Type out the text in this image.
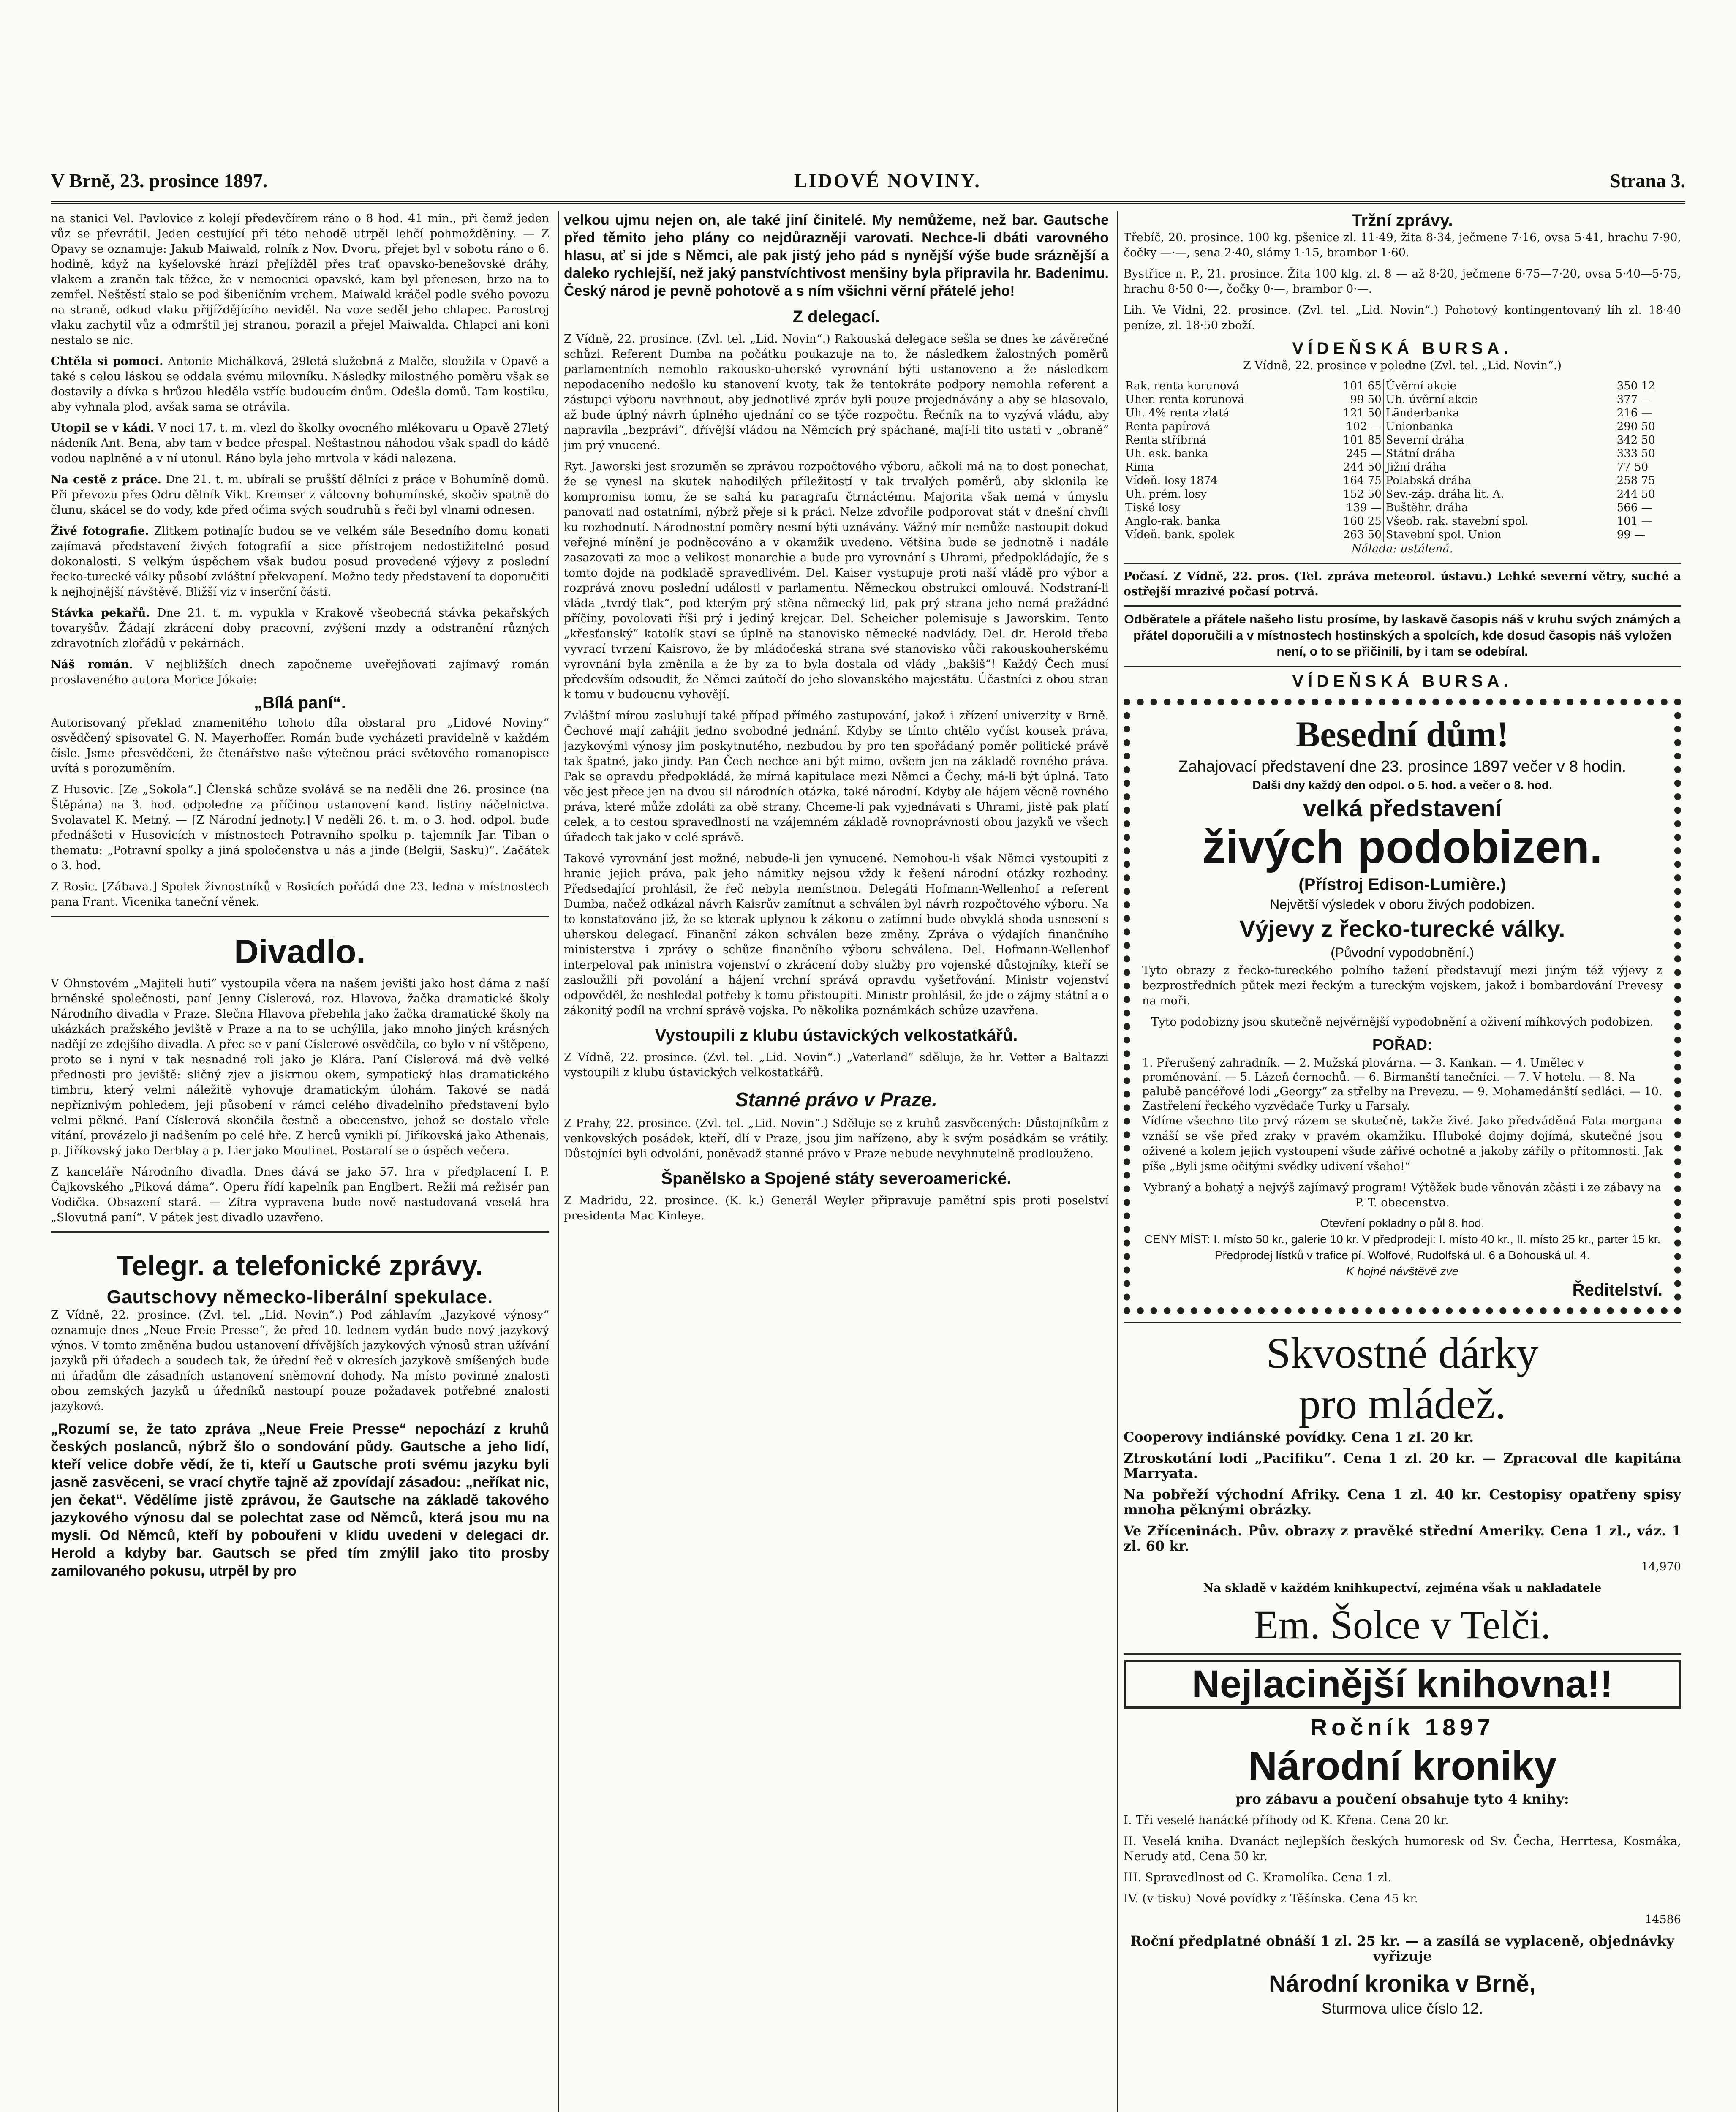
V Brně, 23. prosince 1897.	LIDOVÉ NOVINY.	Strana 3.

na stanici Vel. Pavlovice z kolejí předevčírem ráno o 8 hod. 41 min., při čemž jeden vůz se převrátil. Jeden cestující při této nehodě utrpěl lehčí pohmožděniny. — Z Opavy se oznamuje: Jakub Maiwald, rolník z Nov. Dvoru, přejet byl v sobotu ráno o 6. hodině, když na kyšelovské hrázi přejížděl přes trať opavsko-benešovské dráhy, vlakem a zraněn tak těžce, že v nemocnici opavské, kam byl přenesen, brzo na to zemřel. Neštěstí stalo se pod šibeničním vrchem. Maiwald kráčel podle svého povozu na straně, odkud vlaku přijíždějícího neviděl. Na voze seděl jeho chlapec. Parostroj vlaku zachytil vůz a odmrštil jej stranou, porazil a přejel Maiwalda. Chlapci ani koni nestalo se nic.

Chtěla si pomoci. Antonie Michálková, 29letá služebná z Malče, sloužila v Opavě a také s celou láskou se oddala svému milovníku. Následky milostného poměru však se dostavily a dívka s hrůzou hleděla vstříc budoucím dnům. Odešla domů. Tam kostiku, aby vyhnala plod, avšak sama se otrávila.

Utopil se v kádi. V noci 17. t. m. vlezl do školky ovocného mlékovaru u Opavě 27letý nádeník Ant. Bena, aby tam v bedce přespal. Neštastnou náhodou však spadl do kádě vodou naplněné a v ní utonul. Ráno byla jeho mrtvola v kádi nalezena.

Na cestě z práce. Dne 21. t. m. ubírali se prušští dělníci z práce v Bohumíně domů. Při převozu přes Odru dělník Vikt. Kremser z válcovny bohumínské, skočiv spatně do člunu, skácel se do vody, kde před očima svých soudruhů s řeči byl vlnami odnesen.

Živé fotografie. Zlitkem potinajíc budou se ve velkém sále Besedního domu konati zajímavá představení živých fotografií a sice přístrojem nedostižitelné posud dokonalosti. S velkým úspěchem však budou posud provedené výjevy z poslední řecko-turecké války působí zvláštní překvapení. Možno tedy představení ta doporučiti k nejhojnější návštěvě. Bližší viz v inserční části.

Stávka pekařů. Dne 21. t. m. vypukla v Krakově všeobecná stávka pekařských tovaryšův. Žádají zkrácení doby pracovní, zvýšení mzdy a odstranění různých zdravotních zlořádů v pekárnách.

Náš román. V nejbližších dnech započneme uveřejňovati zajímavý román proslaveného autora Morice Jókaie:

„Bílá paní“.

Autorisovaný překlad znamenitého tohoto díla obstaral pro „Lidové Noviny“ osvědčený spisovatel G. N. Mayerhoffer. Román bude vycházeti pravidelně v každém čísle. Jsme přesvědčeni, že čtenářstvo naše výtečnou práci světového romanopisce uvítá s porozuměním.

Z Husovic. [Ze „Sokola“.] Členská schůze svolává se na neděli dne 26. prosince (na Štěpána) na 3. hod. odpoledne za příčinou ustanovení kand. listiny náčelnictva. Svolavatel K. Metný. — [Z Národní jednoty.] V neděli 26. t. m. o 3. hod. odpol. bude přednášeti v Husovicích v místnostech Potravního spolku p. tajemník Jar. Tiban o thematu: „Potravní spolky a jiná společenstva u nás a jinde (Belgii, Sasku)“. Začátek o 3. hod.

Z Rosic. [Zábava.] Spolek živnostníků v Rosicích pořádá dne 23. ledna v místnostech pana Frant. Vicenika taneční věnek.

Divadlo.

V Ohnstovém „Majiteli huti“ vystoupila včera na našem jevišti jako host dáma z naší brněnské společnosti, paní Jenny Císlerová, roz. Hlavova, žačka dramatické školy Národního divadla v Praze. Slečna Hlavova přebehla jako žačka dramatické školy na ukázkách pražského jeviště v Praze a na to se uchýlila, jako mnoho jiných krásných nadějí ze zdejšího divadla. A přec se v paní Císlerové osvědčila, co bylo v ní vštěpeno, proto se i nyní v tak nesnadné roli jako je Klára. Paní Císlerová má dvě velké přednosti pro jeviště: sličný zjev a jiskrnou okem, sympatický hlas dramatického timbru, který velmi náležitě vyhovuje dramatickým úlohám. Takové se nadá nepříznivým pohledem, její působení v rámci celého divadelního představení bylo velmi pěkné. Paní Císlerová skončila čestně a obecenstvo, jehož se dostalo vřele vítání, provázelo ji nadšením po celé hře. Z herců vynikli pí. Jiříkovská jako Athenais, p. Jiříkovský jako Derblay a p. Lier jako Moulinet. Postaralí se o úspěch večera.

Z kanceláře Národního divadla. Dnes dává se jako 57. hra v předplacení I. P. Čajkovského „Piková dáma“. Operu řídí kapelník pan Englbert. Režii má režisér pan Vodička. Obsazení stará. — Zítra vypravena bude nově nastudovaná veselá hra „Slovutná paní“. V pátek jest divadlo uzavřeno.

Telegr. a telefonické zprávy.
Gautschovy německo-liberální spekulace.

Z Vídně, 22. prosince. (Zvl. tel. „Lid. Novin“.) Pod záhlavím „Jazykové výnosy“ oznamuje dnes „Neue Freie Presse“, že před 10. lednem vydán bude nový jazykový výnos. V tomto změněna budou ustanovení dřívějších jazykových výnosů stran užívání jazyků při úřadech a soudech tak, že úřední řeč v okresích jazykově smíšených bude mi úřadům dle zásadních ustanovení sněmovní dohody. Na místo povinné znalosti obou zemských jazyků u úředníků nastoupí pouze požadavek potřebné znalosti jazykové.

„Rozumí se, že tato zpráva „Neue Freie Presse“ nepochází z kruhů českých poslanců, nýbrž šlo o sondování půdy. Gautsche a jeho lidí, kteří velice dobře vědí, že ti, kteří u Gautsche proti svému jazyku byli jasně zasvěceni, se vrací chytře tajně až zpovídají zásadou: „neříkat nic, jen čekat“. Vědělíme jistě zprávou, že Gautsche na základě takového jazykového výnosu dal se polechtat zase od Němců, která jsou mu na mysli. Od Němců, kteří by pobouřeni v klidu uvedeni v delegaci dr. Herold a kdyby bar. Gautsch se před tím zmýlil jako tito prosby zamilovaného pokusu, utrpěl by pro

velkou ujmu nejen on, ale také jiní činitelé. My nemůžeme, než bar. Gautsche před těmito jeho plány co nejdůrazněji varovati. Nechce-li dbáti varovného hlasu, ať si jde s Němci, ale pak jistý jeho pád s nynější výše bude sráznější a daleko rychlejší, než jaký panstvíchtivost menšiny byla připravila hr. Badenimu. Český národ je pevně pohotově a s ním všichni věrní přátelé jeho!

Z delegací.

Z Vídně, 22. prosince. (Zvl. tel. „Lid. Novin“.) Rakouská delegace sešla se dnes ke závěrečné schůzi. Referent Dumba na počátku poukazuje na to, že následkem žalostných poměrů parlamentních nemohlo rakousko-uherské vyrovnání býti ustanoveno a že následkem nepodaceního nedošlo ku stanovení kvoty, tak že tentokráte podpory nemohla referent a zástupci výboru navrhnout, aby jednotlivé zpráv byli pouze projednávány a aby se hlasovalo, až bude úplný návrh úplného ujednání co se týče rozpočtu. Řečník na to vyzývá vládu, aby napravila „bezprávi“, dřívější vládou na Němcích prý spáchané, mají-li tito ustati v „obraně“ jim prý vnucené.

Ryt. Jaworski jest srozuměn se zprávou rozpočtového výboru, ačkoli má na to dost ponechat, že se vynesl na skutek nahodilých příležitostí v tak trvalých poměrů, aby sklonila ke kompromisu tomu, že se sahá ku paragrafu čtrnáctému. Majorita však nemá v úmyslu panovati nad ostatními, nýbrž přeje si k práci. Nelze zdvořile podporovat stát v dnešní chvíli ku rozhodnutí. Národnostní poměry nesmí býti uznávány. Vážný mír nemůže nastoupit dokud veřejné mínění je podněcováno a v okamžik uvedeno. Většina bude se jednotně i nadále zasazovati za moc a velikost monarchie a bude pro vyrovnání s Uhrami, předpokládajíc, že s tomto dojde na podkladě spravedlivém. Del. Kaiser vystupuje proti naší vládě pro výbor a rozprává znovu poslední události v parlamentu. Německou obstrukci omlouvá. Nodstraní-li vláda „tvrdý tlak“, pod kterým prý stěna německý lid, pak prý strana jeho nemá pražádné příčiny, povolovati říši prý i jediný krejcar. Del. Scheicher polemisuje s Jaworskim. Tento „křesťanský“ katolík staví se úplně na stanovisko německé nadvlády. Del. dr. Herold třeba vyvrací tvrzení Kaisrovo, že by mládočeská strana své stanovisko vůči rakouskouherskému vyrovnání byla změnila a že by za to byla dostala od vlády „bakšiš“! Každý Čech musí především odsoudit, že Němci zaútočí do jeho slovanského majestátu. Účastníci z obou stran k tomu v budoucnu vyhovějí.

Zvláštní mírou zasluhují také případ přímého zastupování, jakož i zřízení univerzity v Brně. Čechové mají zahájit jedno svobodné jednání. Kdyby se tímto chtělo vyčíst kousek práva, jazykovými výnosy jim poskytnutého, nezbudou by pro ten spořádaný poměr politické právě tak špatné, jako jindy. Pan Čech nechce ani být mimo, ovšem jen na základě rovného práva. Pak se opravdu předpokládá, že mírná kapitulace mezi Němci a Čechy, má-li být úplná. Tato věc jest přece jen na dvou sil národních otázka, také národní. Kdyby ale hájem věcně rovného práva, které může zdoláti za obě strany. Chceme-li pak vyjednávati s Uhrami, jistě pak platí celek, a to cestou spravedlnosti na vzájemném základě rovnoprávnosti obou jazyků ve všech úřadech tak jako v celé správě.

Takové vyrovnání jest možné, nebude-li jen vynucené. Nemohou-li však Němci vystoupiti z hranic jejich práva, pak jeho námitky nejsou vždy k řešení národní otázky rozhodny. Předsedající prohlásil, že řeč nebyla nemístnou. Delegáti Hofmann-Wellenhof a referent Dumba, načež odkázal návrh Kaisrův zamítnut a schválen byl návrh rozpočtového výboru. Na to konstatováno již, že se kterak uplynou k zákonu o zatímní bude obvyklá shoda usnesení s uherskou delegací. Finanční zákon schválen beze změny. Zpráva o výdajích finančního ministerstva i zprávy o schůze finančního výboru schválena. Del. Hofmann-Wellenhof interpeloval pak ministra vojenství o zkrácení doby služby pro vojenské důstojníky, kteří se zasloužili při povolání a hájení vrchní správá opravdu vyšetřování. Ministr vojenství odpověděl, že neshledal potřeby k tomu přistoupiti. Ministr prohlásil, že jde o zájmy státní a o zákonitý podíl na vrchní správě vojska. Po několika poznámkách schůze uzavřena.

Vystoupili z klubu ústavických velkostatkářů.

Z Vídně, 22. prosince. (Zvl. tel. „Lid. Novin“.) „Vaterland“ sděluje, že hr. Vetter a Baltazzi vystoupili z klubu ústavických velkostatkářů.

Stanné právo v Praze.

Z Prahy, 22. prosince. (Zvl. tel. „Lid. Novin“.) Sděluje se z kruhů zasvěcených: Důstojníkům z venkovských posádek, kteří, dlí v Praze, jsou jim nařízeno, aby k svým posádkám se vrátily. Důstojníci byli odvoláni, poněvadž stanné právo v Praze nebude nevyhnutelně prodlouženo.

Španělsko a Spojené státy severoamerické.

Z Madridu, 22. prosince. (K. k.) Generál Weyler připravuje pamětní spis proti poselství presidenta Mac Kinleye.

Tržní zprávy.

Třebíč, 20. prosince. 100 kg. pšenice zl. 11·49, žita 8·34, ječmene 7·16, ovsa 5·41, hrachu 7·90, čočky —·—, sena 2·40, slámy 1·15, brambor 1·60.

Bystřice n. P., 21. prosince. Žita 100 klg. zl. 8 — až 8·20, ječmene 6·75—7·20, ovsa 5·40—5·75, hrachu 8·50 0·—, čočky 0·—, brambor 0·—.

Lih. Ve Vídni, 22. prosince. (Zvl. tel. „Lid. Novin“.) Pohotový kontingentovaný líh zl. 18·40 peníze, zl. 18·50 zboží.

VÍDEŇSKÁ BURSA.

Z Vídně, 22. prosince v poledne (Zvl. tel. „Lid. Novin“.)

Rak. renta korunová	101 65	Úvěrní akcie	350 12
Uher. renta korunová	99 50	Uh. úvěrní akcie	377 —
Uh. 4% renta zlatá	121 50	Länderbanka	216 —
Renta papírová	102 —	Unionbanka	290 50
Renta stříbrná	101 85	Severní dráha	342 50
Uh. esk. banka	245 —	Státní dráha	333 50
Rima	244 50	Jižní dráha	77 50
Vídeň. losy 1874	164 75	Polabská dráha	258 75
Uh. prém. losy	152 50	Sev.-záp. dráha lit. A.	244 50
Tiské losy	139 —	Buštěhr. dráha	566 —
Anglo-rak. banka	160 25	Všeob. rak. stavební spol.	101 —
Vídeň. bank. spolek	263 50	Stavební spol. Union	99 —

Nálada: ustálená.

Počasí. Z Vídně, 22. pros. (Tel. zpráva meteorol. ústavu.) Lehké severní větry, suché a ostřejší mrazivé počasí potrvá.

Odběratele a přátele našeho listu prosíme, by laskavě časopis náš v kruhu svých známých a přátel doporučili a v místnostech hostinských a spolcích, kde dosud časopis náš vyložen není, o to se přičinili, by i tam se odebíral.

VÍDEŇSKÁ BURSA.
Besední dům!
Zahajovací představení dne 23. prosince 1897 večer v 8 hodin.
Další dny každý den odpol. o 5. hod. a večer o 8. hod.
velká představení
živých podobizen.
(Přístroj Edison-Lumière.)
Největší výsledek v oboru živých podobizen.
Výjevy z řecko-turecké války.
(Původní vypodobnění.)

Tyto obrazy z řecko-tureckého polního tažení představují mezi jiným též výjevy z bezprostředních půtek mezi řeckým a tureckým vojskem, jakož i bombardování Prevesy na moři.

Tyto podobizny jsou skutečně nejvěrnější vypodobnění a oživení míhkových podobizen.

POŘAD:
1. Přerušený zahradník. — 2. Mužská plovárna. — 3. Kankan. — 4. Umělec v proměnování. — 5. Lázeň černochů. — 6. Birmanští tanečníci. — 7. V hotelu. — 8. Na palubě pancéřové lodi „Georgy“ za střelby na Prevezu. — 9. Mohamedánští sedláci. — 10. Zastřelení řeckého vyzvědače Turky u Farsaly.

Vídíme všechno tito prvý rázem se skutečně, takže živé. Jako předváděná Fata morgana vznáší se vše před zraky v pravém okamžiku. Hluboké dojmy dojímá, skutečné jsou oživené a kolem jejich vystoupení všude zářivé ochotně a jakoby zářily o přítomnosti. Jak píše „Byli jsme očitými svědky udivení všeho!“

Vybraný a bohatý a nejvýš zajímavý program! Výtěžek bude věnován zčásti i ze zábavy na P. T. obecenstva.

Otevření pokladny o půl 8. hod.
CENY MÍST: I. místo 50 kr., galerie 10 kr. V předprodeji: I. místo 40 kr., II. místo 25 kr., parter 15 kr.
Předprodej lístků v trafice pí. Wolfové, Rudolfská ul. 6 a Bohouská ul. 4.
K hojné návštěvě zve
Ředitelství.
Skvostné dárky
pro mládež.

Cooperovy indiánské povídky. Cena 1 zl. 20 kr.

Ztroskotání lodi „Pacifiku“. Cena 1 zl. 20 kr. — Zpracoval dle kapitána Marryata.

Na pobřeží východní Afriky. Cena 1 zl. 40 kr. Cestopisy opatřeny spisy mnoha pěknými obrázky.

Ve Zříceninách. Pův. obrazy z pravěké střední Ameriky. Cena 1 zl., váz. 1 zl. 60 kr.

14,970

Na skladě v každém knihkupectví, zejména však u nakladatele

Em. Šolce v Telči.
Nejlacinější knihovna!!
Ročník 1897
Národní kroniky

pro zábavu a poučení obsahuje tyto 4 knihy:

I. Tři veselé hanácké příhody od K. Křena. Cena 20 kr.

II. Veselá kniha. Dvanáct nejlepších českých humoresk od Sv. Čecha, Herrtesa, Kosmáka, Nerudy atd. Cena 50 kr.

III. Spravedlnost od G. Kramolíka. Cena 1 zl.

IV. (v tisku) Nové povídky z Těšínska. Cena 45 kr.

14586

Roční předplatné obnáší 1 zl. 25 kr. — a zasílá se vyplaceně, objednávky vyřizuje

Národní kronika v Brně,
Sturmova ulice číslo 12.
